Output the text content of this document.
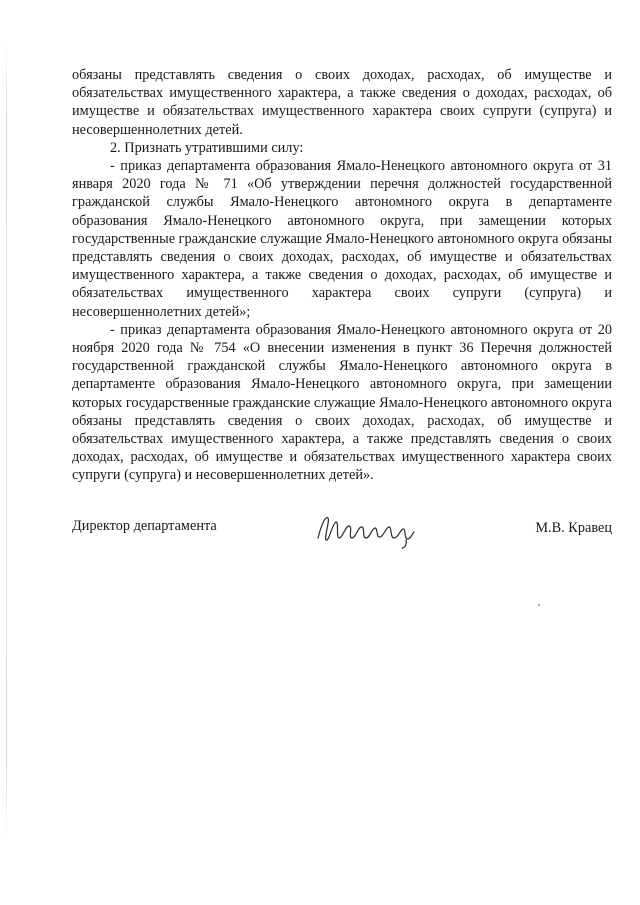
обязаны представлять сведения о своих доходах, расходах, об имуществе и обязательствах имущественного характера, а также сведения о доходах, расходах, об имуществе и обязательствах имущественного характера своих супруги (супруга) и несовершеннолетних детей.

2. Признать утратившими силу:

- приказ департамента образования Ямало-Ненецкого автономного округа от 31 января 2020 года № 71 «Об утверждении перечня должностей государственной гражданской службы Ямало-Ненецкого автономного округа в департаменте образования Ямало-Ненецкого автономного округа, при замещении которых государственные гражданские служащие Ямало-Ненецкого автономного округа обязаны представлять сведения о своих доходах, расходах, об имуществе и обязательствах имущественного характера, а также сведения о доходах, расходах, об имуществе и обязательствах имущественного характера своих супруги (супруга) и несовершеннолетних детей»;

- приказ департамента образования Ямало-Ненецкого автономного округа от 20 ноября 2020 года № 754 «О внесении изменения в пункт 36 Перечня должностей государственной гражданской службы Ямало-Ненецкого автономного округа в департаменте образования Ямало-Ненецкого автономного округа, при замещении которых государственные гражданские служащие Ямало-Ненецкого автономного округа обязаны представлять сведения о своих доходах, расходах, об имуществе и обязательствах имущественного характера, а также представлять сведения о своих доходах, расходах, об имуществе и обязательствах имущественного характера своих супруги (супруга) и несовершеннолетних детей».

Директор департамента	М.В. Кравец
